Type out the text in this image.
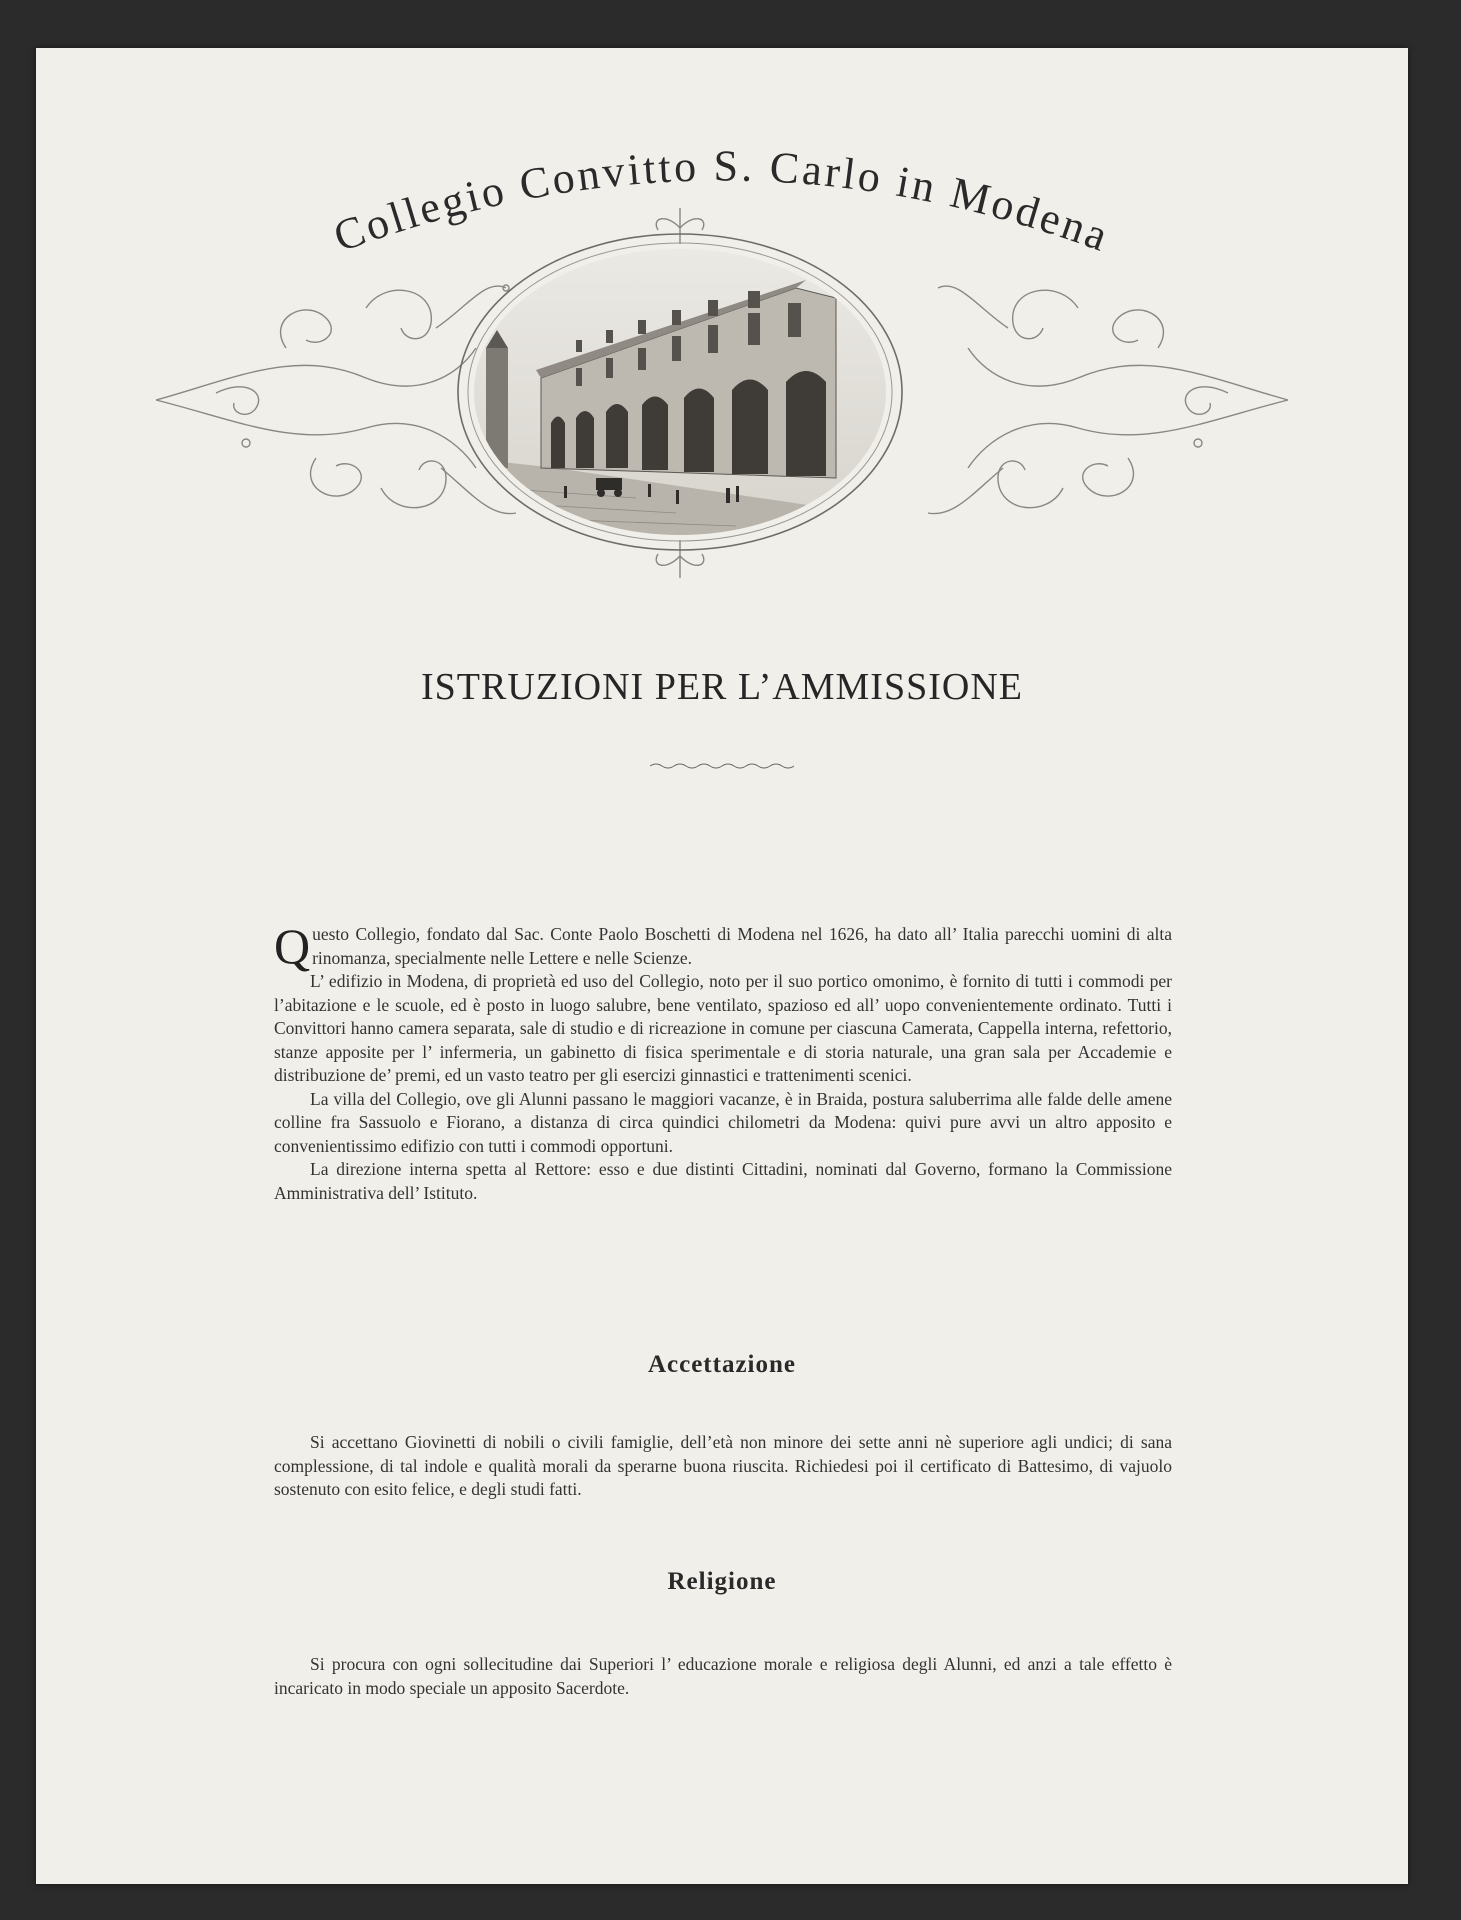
Collegio Convitto S. Carlo in Modena
ISTRUZIONI PER L’AMMISSIONE

Questo Collegio, fondato dal Sac. Conte Paolo Boschetti di Modena nel 1626, ha dato all’ Italia parecchi uomini di alta rinomanza, specialmente nelle Lettere e nelle Scienze.

L’ edifizio in Modena, di proprietà ed uso del Collegio, noto per il suo portico omonimo, è fornito di tutti i commodi per l’abitazione e le scuole, ed è posto in luogo salubre, bene ventilato, spazioso ed all’ uopo convenientemente ordinato. Tutti i Convittori hanno camera separata, sale di studio e di ricreazione in comune per ciascuna Camerata, Cappella interna, refettorio, stanze apposite per l’ infermeria, un gabinetto di fisica sperimentale e di storia naturale, una gran sala per Accademie e distribuzione de’ premi, ed un vasto teatro per gli esercizi ginnastici e trattenimenti scenici.

La villa del Collegio, ove gli Alunni passano le maggiori vacanze, è in Braida, postura saluberrima alle falde delle amene colline fra Sassuolo e Fiorano, a distanza di circa quindici chilometri da Modena: quivi pure avvi un altro apposito e convenientissimo edifizio con tutti i commodi opportuni.

La direzione interna spetta al Rettore: esso e due distinti Cittadini, nominati dal Governo, formano la Commissione Amministrativa dell’ Istituto.

Accettazione

Si accettano Giovinetti di nobili o civili famiglie, dell’età non minore dei sette anni nè superiore agli undici; di sana complessione, di tal indole e qualità morali da sperarne buona riuscita. Richiedesi poi il certificato di Battesimo, di vajuolo sostenuto con esito felice, e degli studi fatti.

Religione

Si procura con ogni sollecitudine dai Superiori l’ educazione morale e religiosa degli Alunni, ed anzi a tale effetto è incaricato in modo speciale un apposito Sacerdote.
